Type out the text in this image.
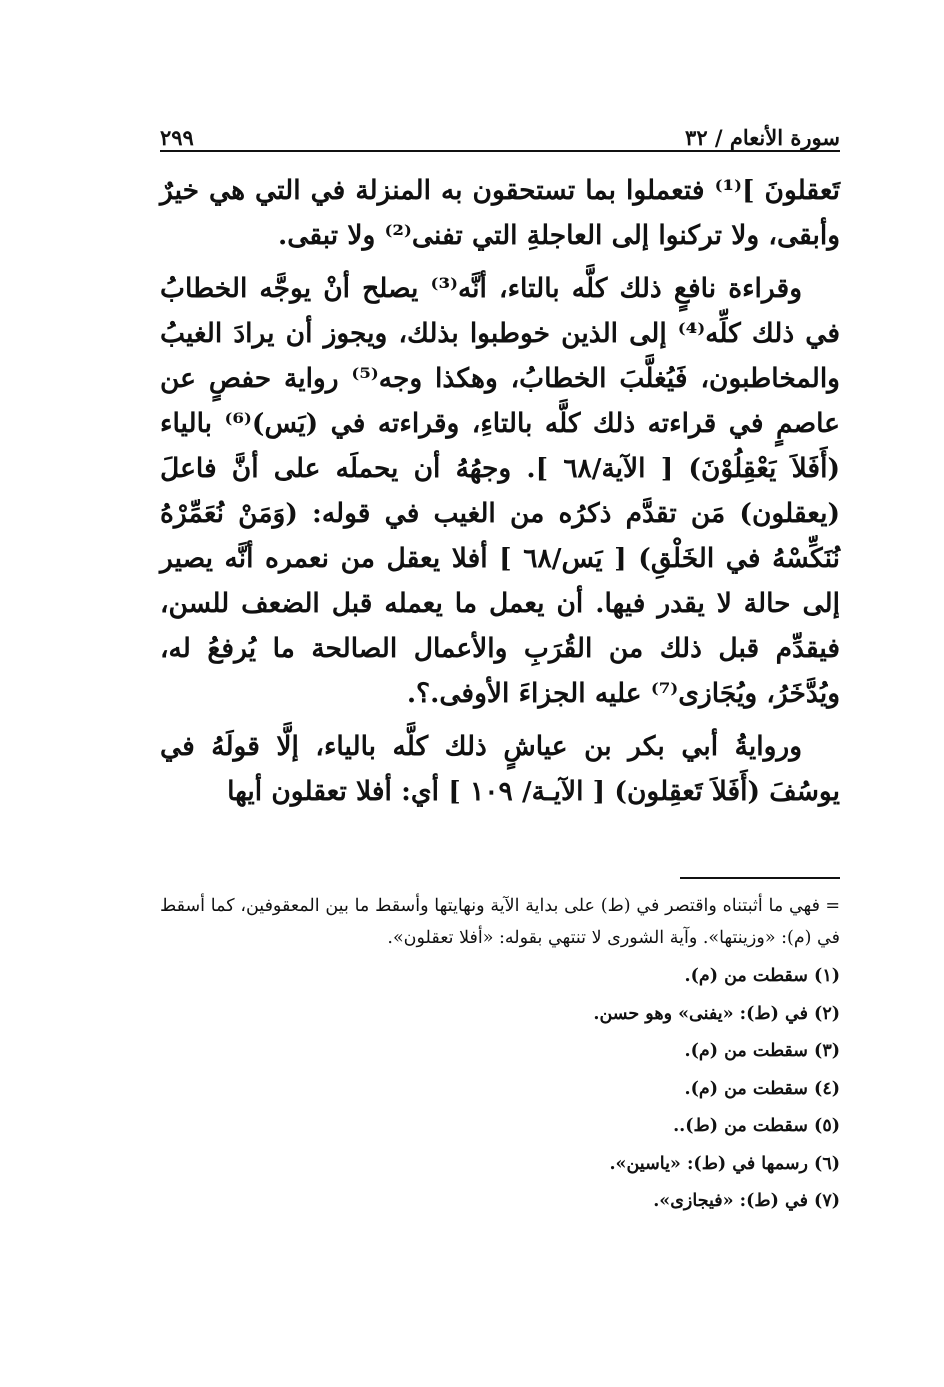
سورة الأنعام / ٣٢
٢٩٩

تَعقلونَ ]⁽¹⁾ فتعملوا بما تستحقون به المنزلة في التي هي خيرٌ وأبقى، ولا تركنوا إلى العاجلةِ التي تفنى⁽²⁾ ولا تبقى.

وقراءة نافعٍ ذلك كلَّه بالتاء، أنَّه⁽³⁾ يصلح أنْ يوجَّه الخطابُ في ذلك كلِّه⁽⁴⁾ إلى الذين خوطبوا بذلك، ويجوز أن يرادَ الغيبُ والمخاطبون، فَيُغلَّبَ الخطابُ، وهكذا وجه⁽⁵⁾ رواية حفصٍ عن عاصمٍ في قراءته ذلك كلَّه بالتاءِ، وقراءته في (يَس)⁽⁶⁾ بالياء (أَفَلاَ يَعْقِلُوْنَ) [ الآية/٦٨ ]. وجهُهُ أن يحملَه على أنَّ فاعلَ (يعقلون) مَن تقدَّم ذكرُه من الغيب في قوله: (وَمَنْ نُعَمِّرْهُ نُنَكِّسْهُ في الخَلْقِ) [ يَس/٦٨ ] أفلا يعقل من نعمره أنَّه يصير إلى حالة لا يقدر فيها. أن يعمل ما يعمله قبل الضعف للسن، فيقدِّم قبل ذلك من القُرَبِ والأعمال الصالحة ما يُرفعُ له، ويُدَّخَرُ، ويُجَازى⁽⁷⁾ عليه الجزاءَ الأوفى.؟.

وروايةُ أبي بكر بن عياشٍ ذلك كلَّه بالياء، إلَّا قولَهُ في يوسُفَ (أَفَلاَ تَعقِلون) [ الآيـة/ ١٠٩ ] أي: أفلا تعقلون أيها

=فهي ما أثبتناه واقتصر في (ط) على بداية الآية ونهايتها وأسقط ما بين المعقوفين، كما أسقط في (م): «وزينتها». وآية الشورى لا تنتهي بقوله: «أفلا تعقلون».

(١) سقطت من (م).
(٢) في (ط): «يفنى» وهو حسن.
(٣) سقطت من (م).
(٤) سقطت من (م).
(٥) سقطت من (ط)..
(٦) رسمها في (ط): «ياسين».
(٧) في (ط): «فيجازى».
